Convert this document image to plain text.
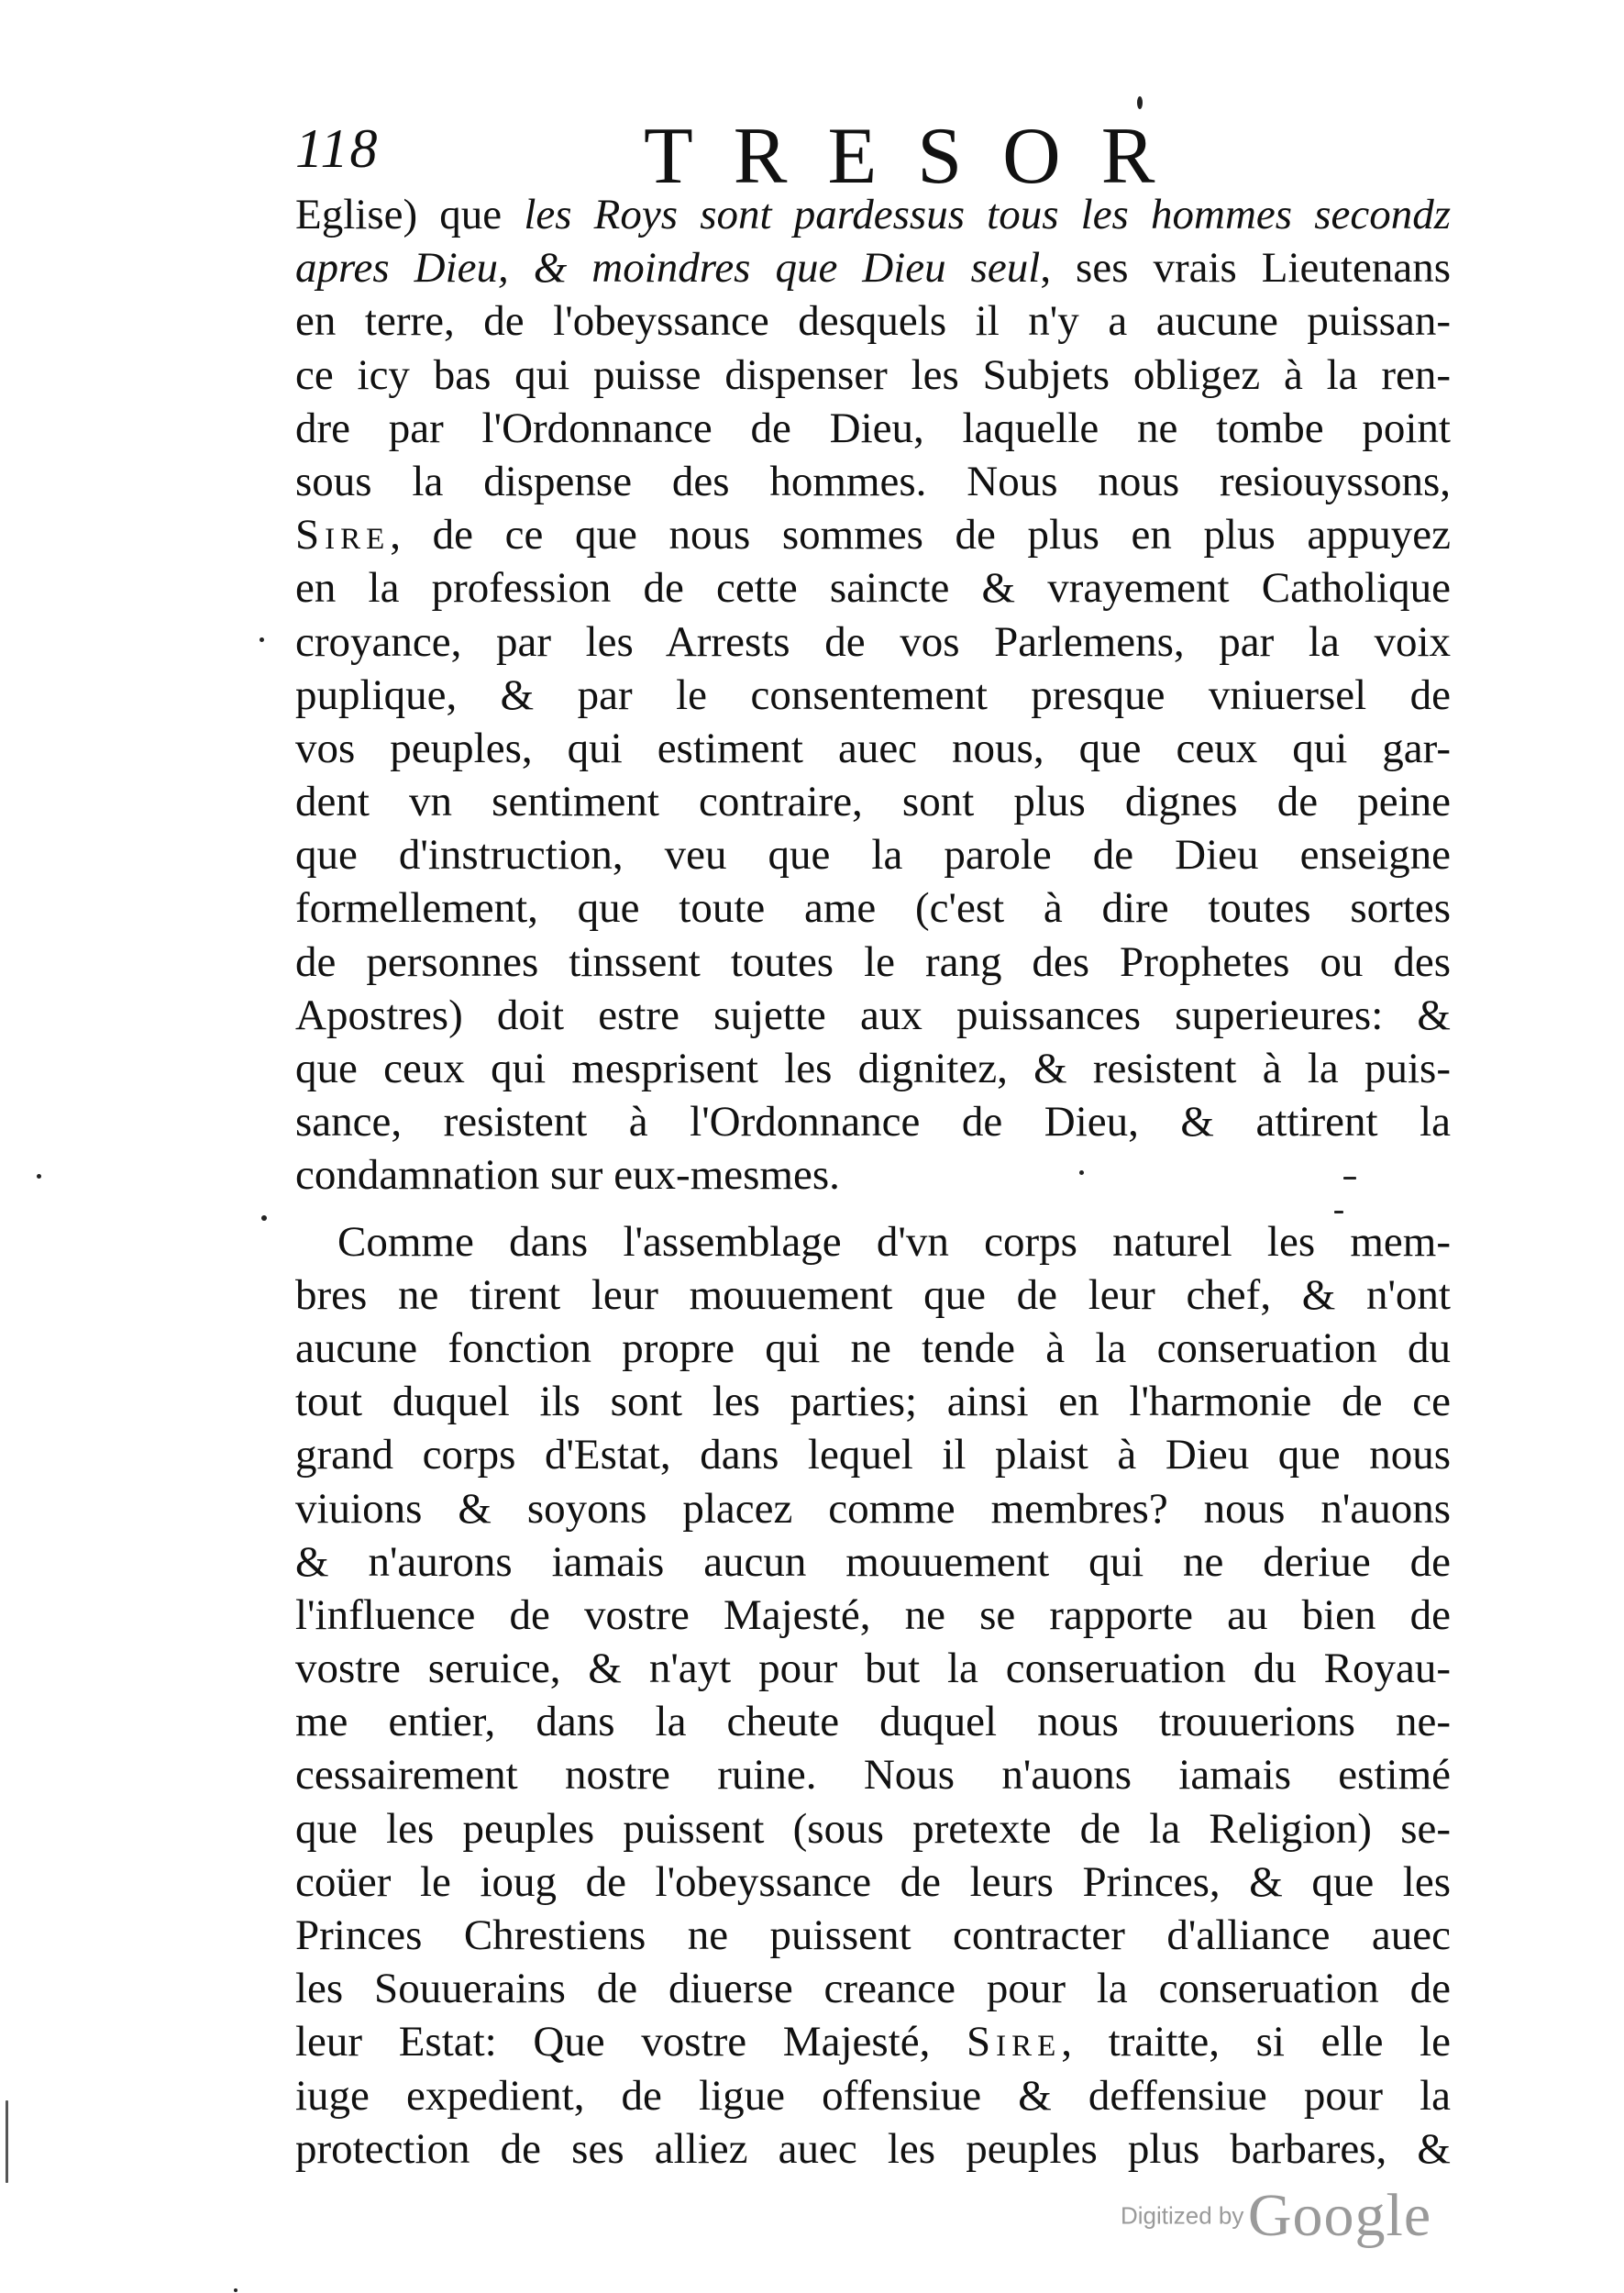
118	TRESOR
Eglise) que les Roys sont pardessus tous les hommes secondz
apres Dieu, & moindres que Dieu seul, ses vrais Lieutenans
en terre, de l'obeyssance desquels il n'y a aucune puissan-
ce icy bas qui puisse dispenser les Subjets obligez à la ren-
dre par l'Ordonnance de Dieu, laquelle ne tombe point
sous la dispense des hommes. Nous nous resiouyssons,
Sire, de ce que nous sommes de plus en plus appuyez
en la profession de cette saincte & vrayement Catholique
croyance, par les Arrests de vos Parlemens, par la voix
puplique, & par le consentement presque vniuersel de
vos peuples, qui estiment auec nous, que ceux qui gar-
dent vn sentiment contraire, sont plus dignes de peine
que d'instruction, veu que la parole de Dieu enseigne
formellement, que toute ame (c'est à dire toutes sortes
de personnes tinssent toutes le rang des Prophetes ou des
Apostres) doit estre sujette aux puissances superieures: &
que ceux qui mesprisent les dignitez, & resistent à la puis-
sance, resistent à l'Ordonnance de Dieu, & attirent la
condamnation sur eux-mesmes.
Comme dans l'assemblage d'vn corps naturel les mem-
bres ne tirent leur mouuement que de leur chef, & n'ont
aucune fonction propre qui ne tende à la conseruation du
tout duquel ils sont les parties; ainsi en l'harmonie de ce
grand corps d'Estat, dans lequel il plaist à Dieu que nous
viuions & soyons placez comme membres? nous n'auons
& n'aurons iamais aucun mouuement qui ne deriue de
l'influence de vostre Majesté, ne se rapporte au bien de
vostre seruice, & n'ayt pour but la conseruation du Royau-
me entier, dans la cheute duquel nous trouuerions ne-
cessairement nostre ruine. Nous n'auons iamais estimé
que les peuples puissent (sous pretexte de la Religion) se-
coüer le ioug de l'obeyssance de leurs Princes, & que les
Princes Chrestiens ne puissent contracter d'alliance auec
les Souuerains de diuerse creance pour la conseruation de
leur Estat: Que vostre Majesté, Sire, traitte, si elle le
iuge expedient, de ligue offensiue & deffensiue pour la
protection de ses alliez auec les peuples plus barbares, &
Digitized by Google
